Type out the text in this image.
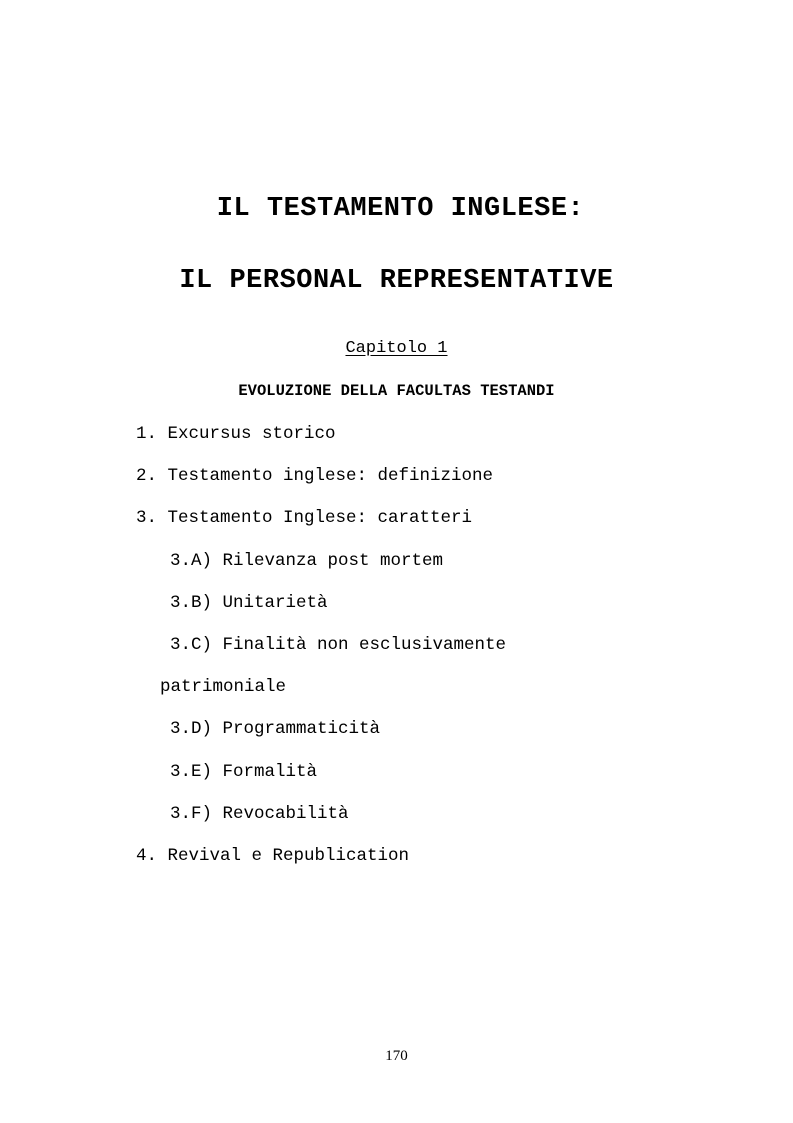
IL TESTAMENTO INGLESE:
IL PERSONAL REPRESENTATIVE
Capitolo 1
EVOLUZIONE DELLA FACULTAS TESTANDI
1. Excursus storico
2. Testamento inglese: definizione
3. Testamento Inglese: caratteri
3.A) Rilevanza post mortem
3.B) Unitarietà
3.C) Finalità non esclusivamente
patrimoniale
3.D) Programmaticità
3.E) Formalità
3.F) Revocabilità
4. Revival e Republication
170
